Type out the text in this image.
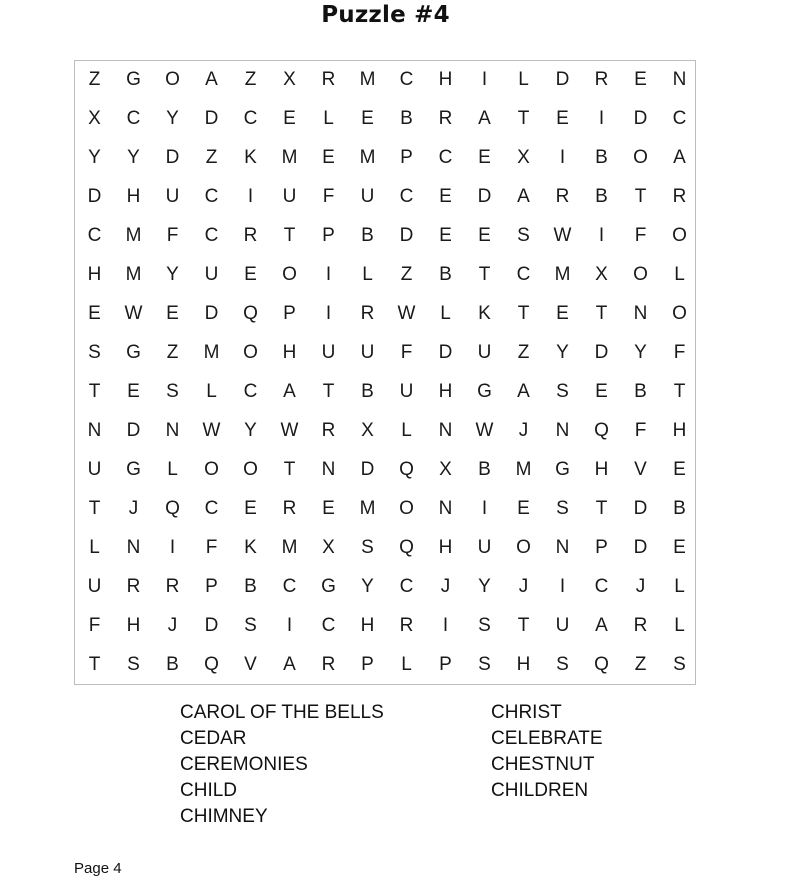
Puzzle #4
Z	G	O	A	Z	X	R	M	C	H	I	L	D	R	E	N
X	C	Y	D	C	E	L	E	B	R	A	T	E	I	D	C
Y	Y	D	Z	K	M	E	M	P	C	E	X	I	B	O	A
D	H	U	C	I	U	F	U	C	E	D	A	R	B	T	R
C	M	F	C	R	T	P	B	D	E	E	S	W	I	F	O
H	M	Y	U	E	O	I	L	Z	B	T	C	M	X	O	L
E	W	E	D	Q	P	I	R	W	L	K	T	E	T	N	O
S	G	Z	M	O	H	U	U	F	D	U	Z	Y	D	Y	F
T	E	S	L	C	A	T	B	U	H	G	A	S	E	B	T
N	D	N	W	Y	W	R	X	L	N	W	J	N	Q	F	H
U	G	L	O	O	T	N	D	Q	X	B	M	G	H	V	E
T	J	Q	C	E	R	E	M	O	N	I	E	S	T	D	B
L	N	I	F	K	M	X	S	Q	H	U	O	N	P	D	E
U	R	R	P	B	C	G	Y	C	J	Y	J	I	C	J	L
F	H	J	D	S	I	C	H	R	I	S	T	U	A	R	L
T	S	B	Q	V	A	R	P	L	P	S	H	S	Q	Z	S
CAROL OF THE BELLS
CEDAR
CEREMONIES
CHILD
CHIMNEY
CHRIST
CELEBRATE
CHESTNUT
CHILDREN
Page 4
